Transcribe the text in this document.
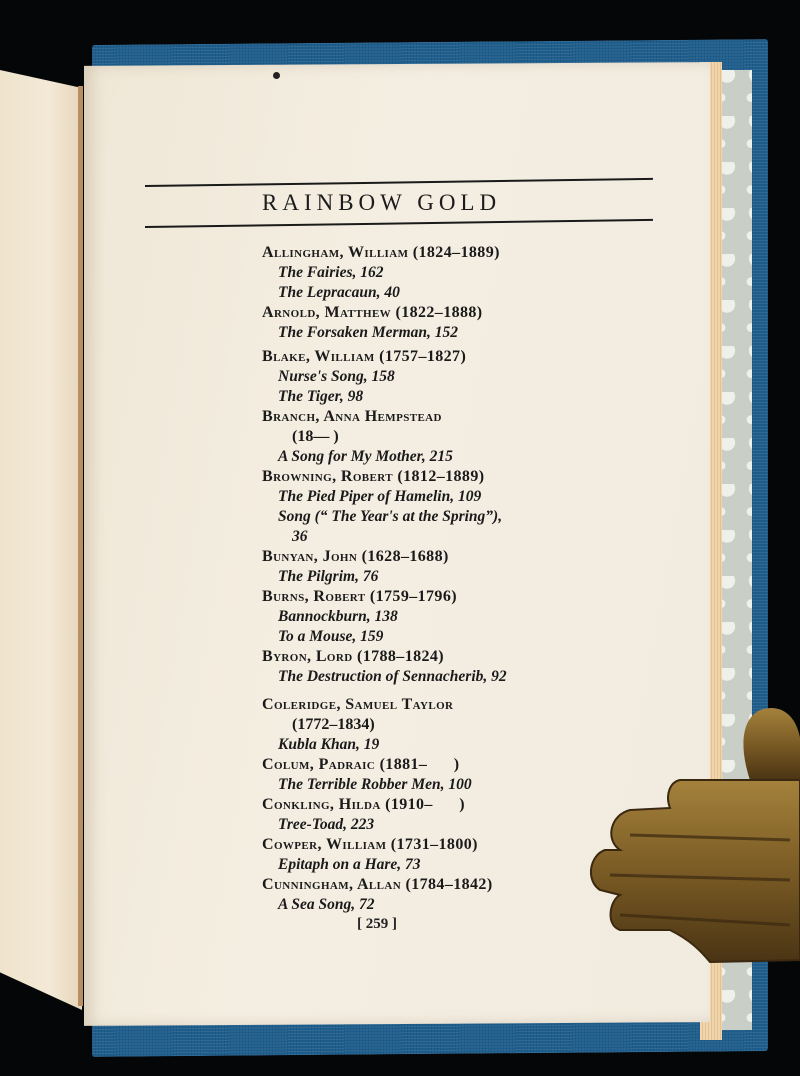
RAINBOW GOLD
Allingham, William (1824–1889)
The Fairies, 162
The Lepracaun, 40
Arnold, Matthew (1822–1888)
The Forsaken Merman, 152
Blake, William (1757–1827)
Nurse's Song, 158
The Tiger, 98
Branch, Anna Hempstead
(18— )
A Song for My Mother, 215
Browning, Robert (1812–1889)
The Pied Piper of Hamelin, 109
Song (“ The Year's at the Spring”),
36
Bunyan, John (1628–1688)
The Pilgrim, 76
Burns, Robert (1759–1796)
Bannockburn, 138
To a Mouse, 159
Byron, Lord (1788–1824)
The Destruction of Sennacherib, 92
Coleridge, Samuel Taylor
(1772–1834)
Kubla Khan, 19
Colum, Padraic (1881–      )
The Terrible Robber Men, 100
Conkling, Hilda (1910–      )
Tree-Toad, 223
Cowper, William (1731–1800)
Epitaph on a Hare, 73
Cunningham, Allan (1784–1842)
A Sea Song, 72
[ 259 ]
